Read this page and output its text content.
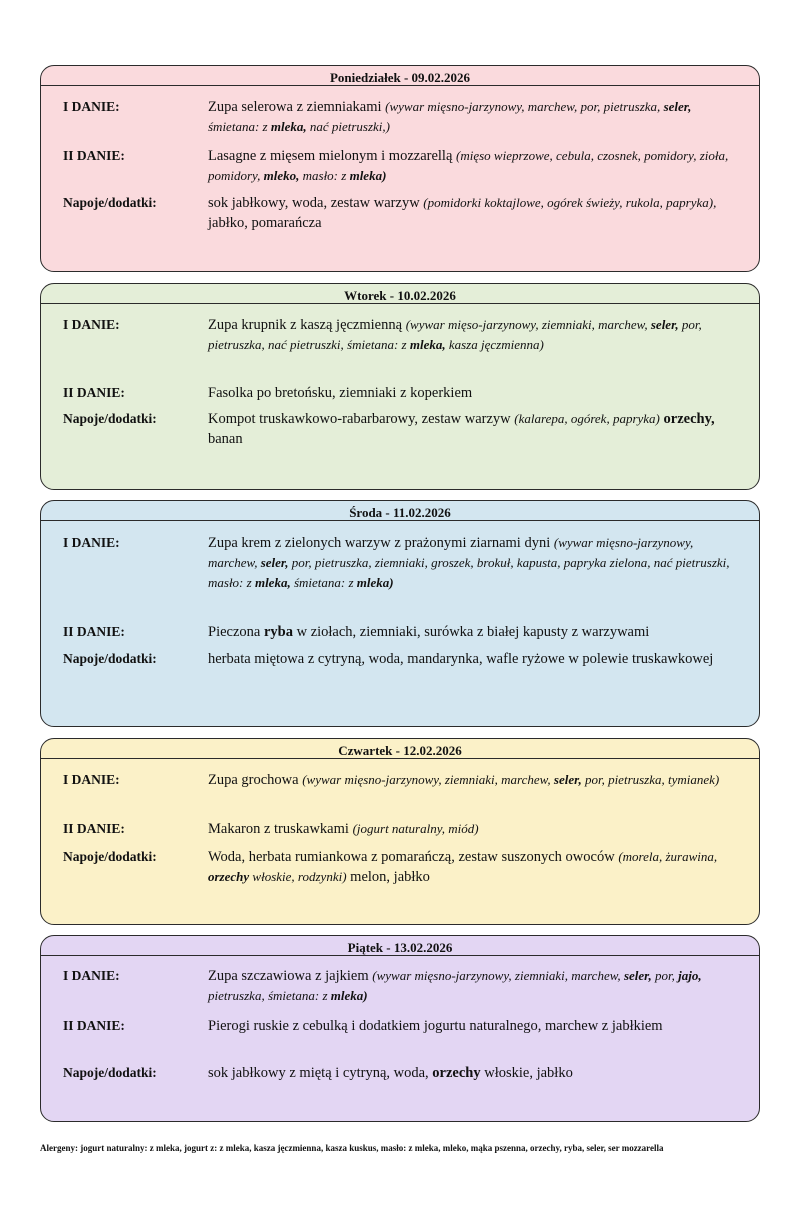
Poniedziałek - 09.02.2026
I DANIE:	Zupa selerowa z ziemniakami (wywar mięsno-jarzynowy, marchew, por, pietruszka, seler, śmietana: z mleka, nać pietruszki,)
II DANIE:	Lasagne z mięsem mielonym i mozzarellą (mięso wieprzowe, cebula, czosnek, pomidory, zioła, pomidory, mleko, masło: z mleka)
Napoje/dodatki:	sok jabłkowy, woda, zestaw warzyw (pomidorki koktajlowe, ogórek świeży, rukola, papryka), jabłko, pomarańcza
Wtorek - 10.02.2026
I DANIE:	Zupa krupnik z kaszą jęczmienną (wywar mięso-jarzynowy, ziemniaki, marchew, seler, por, pietruszka, nać pietruszki, śmietana: z mleka, kasza jęczmienna)
II DANIE:	Fasolka po bretońsku, ziemniaki z koperkiem
Napoje/dodatki:	Kompot truskawkowo-rabarbarowy, zestaw warzyw (kalarepa, ogórek, papryka) orzechy, banan
Środa - 11.02.2026
I DANIE:	Zupa krem z zielonych warzyw z prażonymi ziarnami dyni (wywar mięsno-jarzynowy, marchew, seler, por, pietruszka, ziemniaki, groszek, brokuł, kapusta, papryka zielona, nać pietruszki, masło: z mleka, śmietana: z mleka)
II DANIE:	Pieczona ryba w ziołach, ziemniaki, surówka z białej kapusty z warzywami
Napoje/dodatki:	herbata miętowa z cytryną, woda, mandarynka, wafle ryżowe w polewie truskawkowej
Czwartek - 12.02.2026
I DANIE:	Zupa grochowa (wywar mięsno-jarzynowy, ziemniaki, marchew, seler, por, pietruszka, tymianek)
II DANIE:	Makaron z truskawkami (jogurt naturalny, miód)
Napoje/dodatki:	Woda, herbata rumiankowa z pomarańczą, zestaw suszonych owoców (morela, żurawina, orzechy włoskie, rodzynki) melon, jabłko
Piątek - 13.02.2026
I DANIE:	Zupa szczawiowa z jajkiem (wywar mięsno-jarzynowy, ziemniaki, marchew, seler, por, jajo, pietruszka, śmietana: z mleka)
II DANIE:	Pierogi ruskie z cebulką i dodatkiem jogurtu naturalnego, marchew z jabłkiem
Napoje/dodatki:	sok jabłkowy z miętą i cytryną, woda, orzechy włoskie, jabłko
Alergeny: jogurt naturalny: z mleka, jogurt z: z mleka, kasza jęczmienna, kasza kuskus, masło: z mleka, mleko, mąka pszenna, orzechy, ryba, seler, ser mozzarella
